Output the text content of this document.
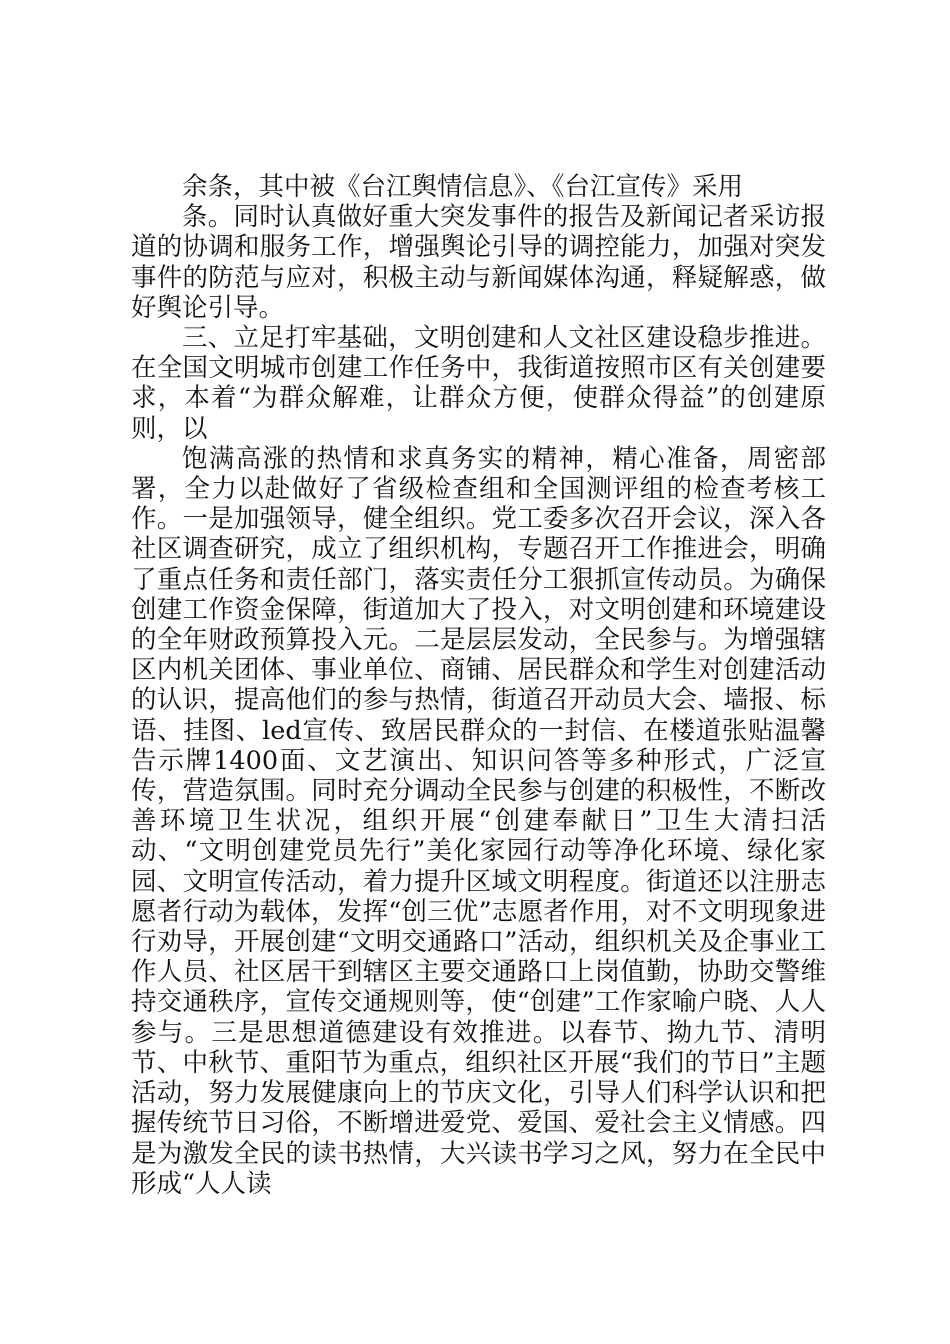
余条，其中被《台江舆情信息》、《台江宣传》采用

条。同时认真做好重大突发事件的报告及新闻记者采访报道的协调和服务工作，增强舆论引导的调控能力，加强对突发事件的防范与应对，积极主动与新闻媒体沟通，释疑解惑，做好舆论引导。

三、立足打牢基础，文明创建和人文社区建设稳步推进。在全国文明城市创建工作任务中，我街道按照市区有关创建要求，本着“为群众解难，让群众方便，使群众得益”的创建原则，以

饱满高涨的热情和求真务实的精神，精心准备，周密部署，全力以赴做好了省级检查组和全国测评组的检查考核工作。一是加强领导，健全组织。党工委多次召开会议，深入各社区调查研究，成立了组织机构，专题召开工作推进会，明确了重点任务和责任部门，落实责任分工狠抓宣传动员。为确保创建工作资金保障，街道加大了投入，对文明创建和环境建设的全年财政预算投入元。二是层层发动，全民参与。为增强辖区内机关团体、事业单位、商铺、居民群众和学生对创建活动的认识，提高他们的参与热情，街道召开动员大会、墙报、标语、挂图、led宣传、致居民群众的一封信、在楼道张贴温馨告示牌1400面、文艺演出、知识问答等多种形式，广泛宣传，营造氛围。同时充分调动全民参与创建的积极性，不断改善环境卫生状况，组织开展“创建奉献日”卫生大清扫活动、“文明创建党员先行”美化家园行动等净化环境、绿化家园、文明宣传活动，着力提升区域文明程度。街道还以注册志愿者行动为载体，发挥“创三优”志愿者作用，对不文明现象进行劝导，开展创建“文明交通路口”活动，组织机关及企事业工作人员、社区居干到辖区主要交通路口上岗值勤，协助交警维持交通秩序，宣传交通规则等，使“创建”工作家喻户晓、人人参与。三是思想道德建设有效推进。以春节、拗九节、清明节、中秋节、重阳节为重点，组织社区开展“我们的节日”主题活动，努力发展健康向上的节庆文化，引导人们科学认识和把握传统节日习俗，不断增进爱党、爱国、爱社会主义情感。四是为激发全民的读书热情，大兴读书学习之风，努力在全民中形成“人人读
